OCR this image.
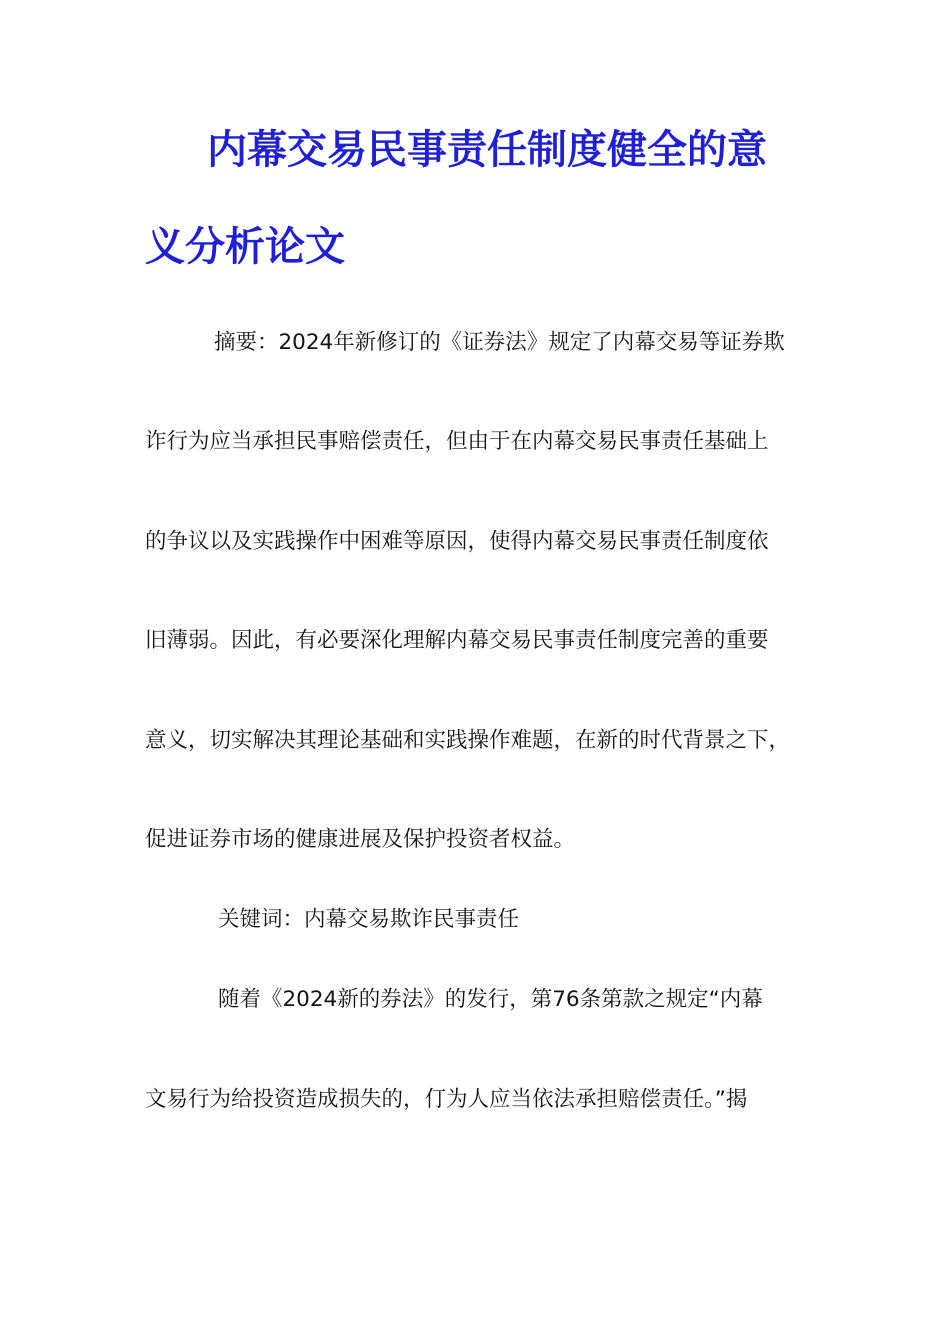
内幕交易民事责任制度健全的意
义分析论文
摘要：2024年新修订的《证券法》规定了内幕交易等证券欺
诈行为应当承担民事赔偿责任，但由于在内幕交易民事责任基础上
的争议以及实践操作中困难等原因，使得内幕交易民事责任制度依
旧薄弱。因此，有必要深化理解内幕交易民事责任制度完善的重要
意义，切实解决其理论基础和实践操作难题，在新的时代背景之下，
促进证券市场的健康进展及保护投资者权益。
关键词：内幕交易欺诈民事责任
随着《2024新的券法》的发行，第76条第款之规定“内幕
文易行为给投资造成损失的，仃为人应当依法承担赔偿责任。”揭
